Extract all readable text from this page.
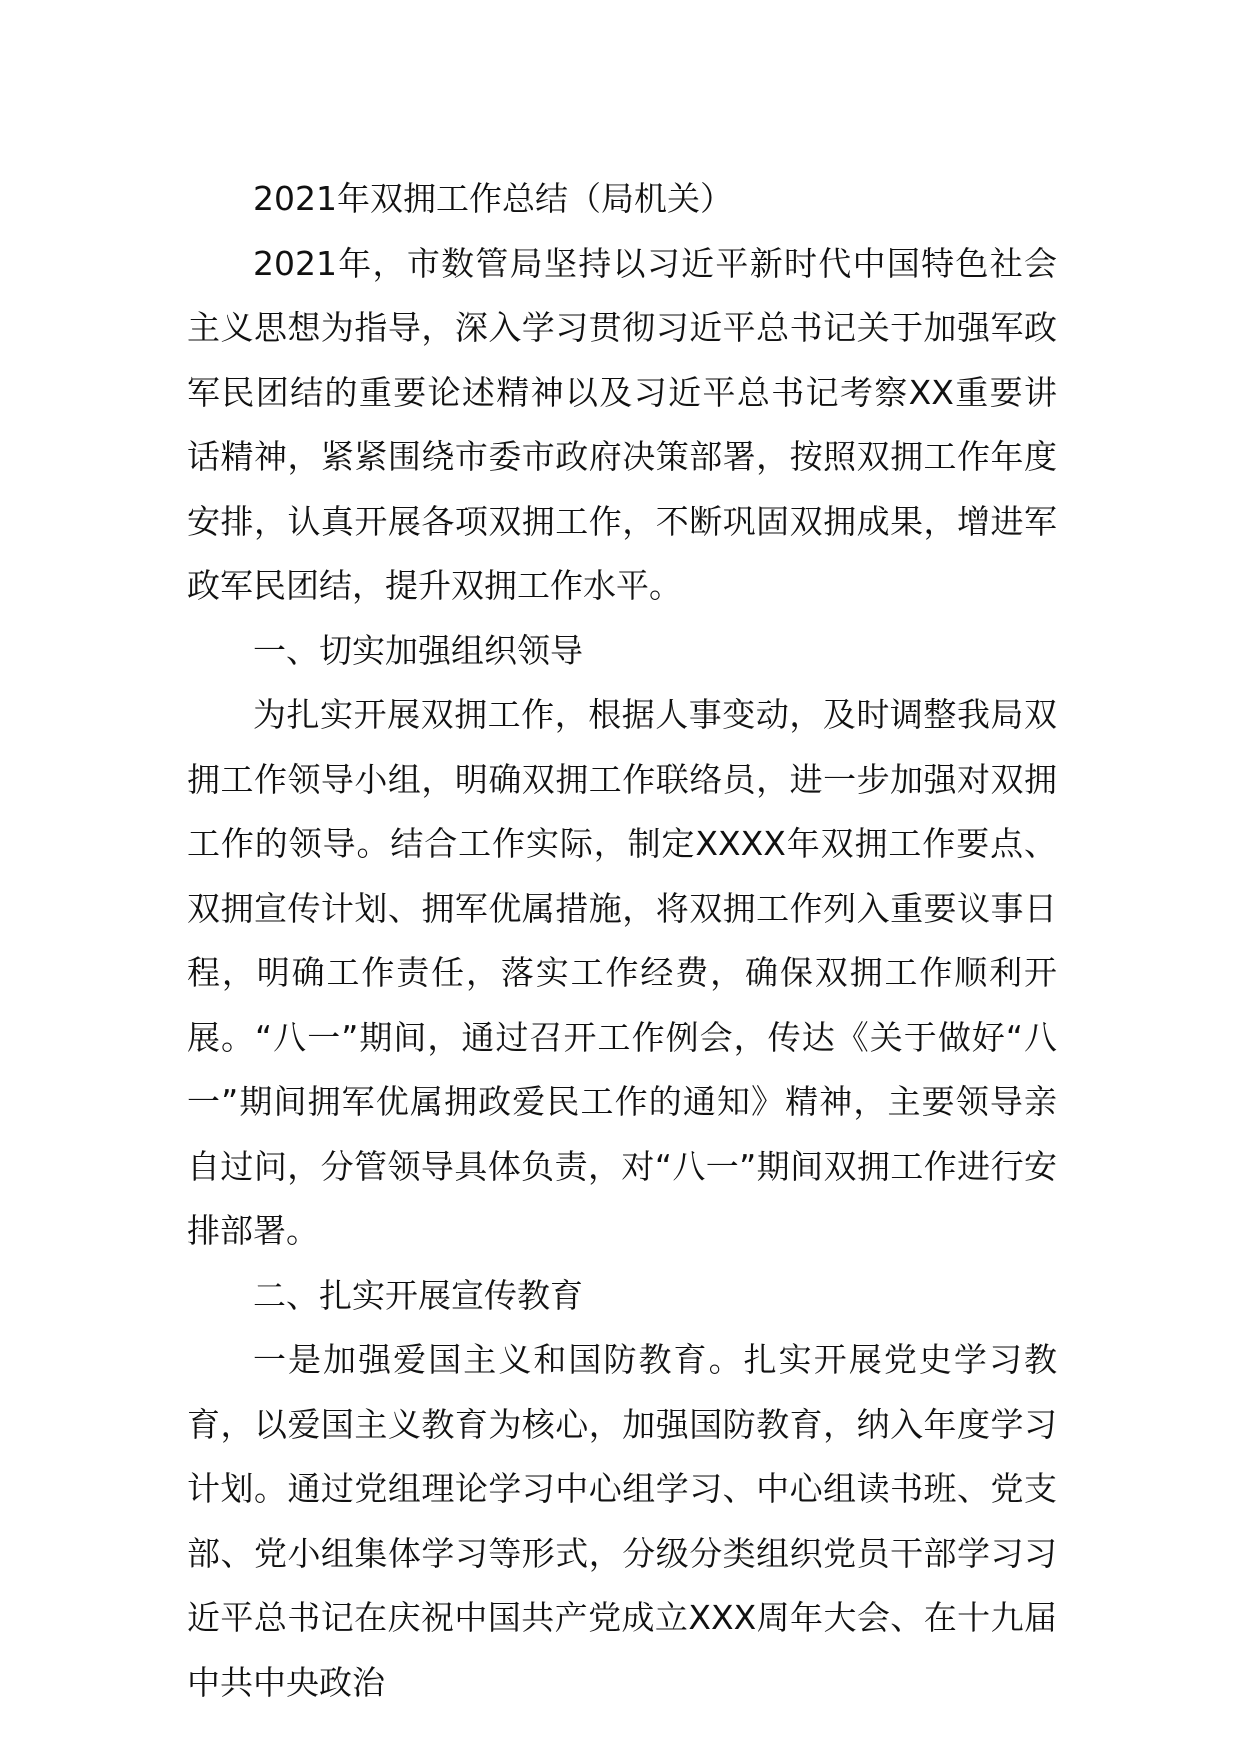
2021年双拥工作总结（局机关）

2021年，市数管局坚持以习近平新时代中国特色社会主义思想为指导，深入学习贯彻习近平总书记关于加强军政军民团结的重要论述精神以及习近平总书记考察XX重要讲话精神，紧紧围绕市委市政府决策部署，按照双拥工作年度安排，认真开展各项双拥工作，不断巩固双拥成果，增进军政军民团结，提升双拥工作水平。

一、切实加强组织领导

为扎实开展双拥工作，根据人事变动，及时调整我局双拥工作领导小组，明确双拥工作联络员，进一步加强对双拥工作的领导。结合工作实际，制定XXXX年双拥工作要点、双拥宣传计划、拥军优属措施，将双拥工作列入重要议事日程，明确工作责任，落实工作经费，确保双拥工作顺利开展。“八一”期间，通过召开工作例会，传达《关于做好“八一”期间拥军优属拥政爱民工作的通知》精神，主要领导亲自过问，分管领导具体负责，对“八一”期间双拥工作进行安排部署。

二、扎实开展宣传教育

一是加强爱国主义和国防教育。扎实开展党史学习教育，以爱国主义教育为核心，加强国防教育，纳入年度学习计划。通过党组理论学习中心组学习、中心组读书班、党支部、党小组集体学习等形式，分级分类组织党员干部学习习近平总书记在庆祝中国共产党成立XXX周年大会、在十九届中共中央政治
